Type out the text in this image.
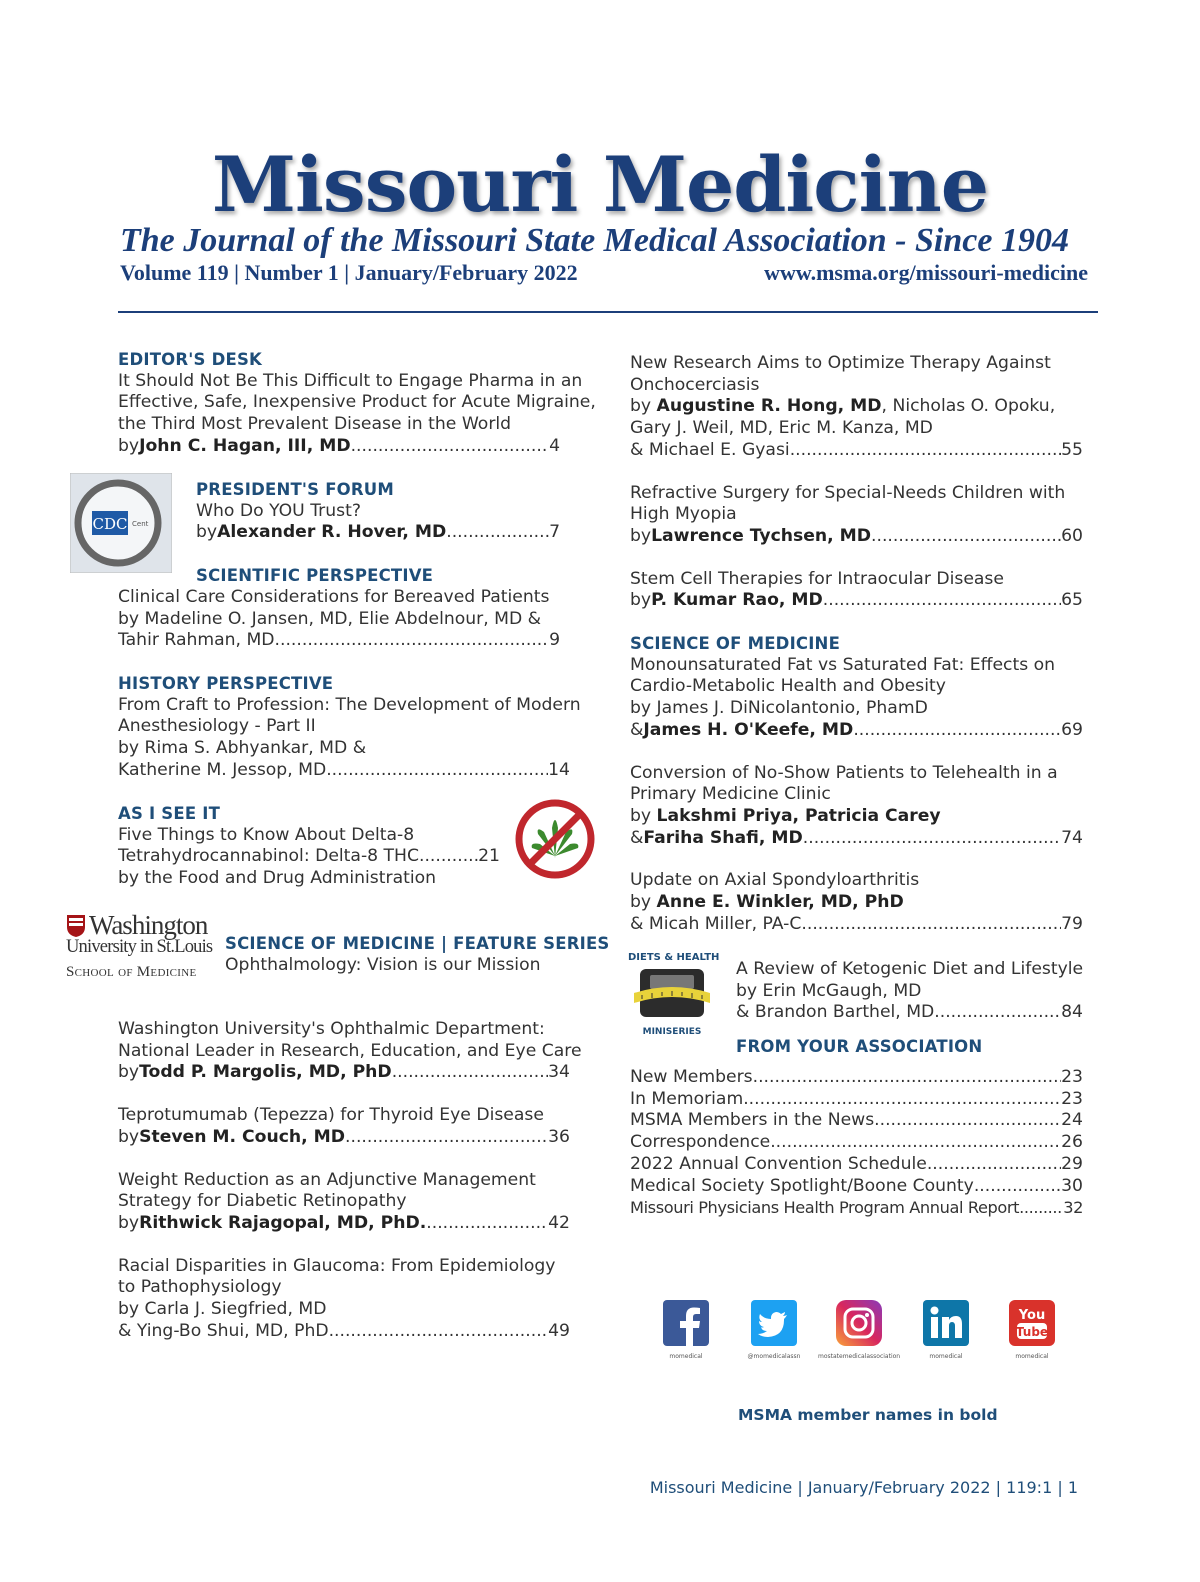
Missouri Medicine
The Journal of the Missouri State Medical Association - Since 1904
Volume 119 | Number 1 | January/February 2022	www.msma.org/missouri-medicine
EDITOR'S DESK
It Should Not Be This Difficult to Engage Pharma in an
Effective, Safe, Inexpensive Product for Acute Migraine,
the Third Most Prevalent Disease in the World
by John C. Hagan, III, MD .....	4
CDC Cent
PRESIDENT'S FORUM
Who Do YOU Trust?
by Alexander R. Hover, MD .....	7
SCIENTIFIC PERSPECTIVE
Clinical Care Considerations for Bereaved Patients
by Madeline O. Jansen, MD, Elie Abdelnour, MD &
Tahir Rahman, MD .....	9
HISTORY PERSPECTIVE
From Craft to Profession: The Development of Modern
Anesthesiology - Part II
by Rima S. Abhyankar, MD &
Katherine M. Jessop, MD .....	14
AS I SEE IT
Five Things to Know About Delta-8
Tetrahydrocannabinol: Delta-8 THC .....	21
by the Food and Drug Administration
Washington
University in St.Louis
School of Medicine
SCIENCE OF MEDICINE | FEATURE SERIES
Ophthalmology: Vision is our Mission
Washington University's Ophthalmic Department:
National Leader in Research, Education, and Eye Care
by Todd P. Margolis, MD, PhD .....	34
Teprotumumab (Tepezza) for Thyroid Eye Disease
by Steven M. Couch, MD .....	36
Weight Reduction as an Adjunctive Management
Strategy for Diabetic Retinopathy
by Rithwick Rajagopal, MD, PhD. .....	42
Racial Disparities in Glaucoma: From Epidemiology
to Pathophysiology
by Carla J. Siegfried, MD
& Ying-Bo Shui, MD, PhD .....	49
New Research Aims to Optimize Therapy Against
Onchocerciasis
by Augustine R. Hong, MD, Nicholas O. Opoku,
Gary J. Weil, MD, Eric M. Kanza, MD
& Michael E. Gyasi .....	55
Refractive Surgery for Special-Needs Children with
High Myopia
by Lawrence Tychsen, MD .....	60
Stem Cell Therapies for Intraocular Disease
by P. Kumar Rao, MD .....	65
SCIENCE OF MEDICINE
Monounsaturated Fat vs Saturated Fat: Effects on
Cardio-Metabolic Health and Obesity
by James J. DiNicolantonio, PhamD
& James H. O'Keefe, MD .....	69
Conversion of No-Show Patients to Telehealth in a
Primary Medicine Clinic
by Lakshmi Priya, Patricia Carey
& Fariha Shafi, MD .....	74
Update on Axial Spondyloarthritis
by Anne E. Winkler, MD, PhD
& Micah Miller, PA-C .....	79
DIETS & HEALTH
MINISERIES
A Review of Ketogenic Diet and Lifestyle
by Erin McGaugh, MD
& Brandon Barthel, MD .....	84
FROM YOUR ASSOCIATION
New Members .....	23
In Memoriam .....	23
MSMA Members in the News .....	24
Correspondence .....	26
2022 Annual Convention Schedule .....	29
Medical Society Spotlight/Boone County .....	30
Missouri Physicians Health Program Annual Report .....	32
momedical	@momedicalassn	mostatemedicalassociation	momedical
You
Tube
momedical
MSMA member names in bold
Missouri Medicine | January/February 2022 | 119:1 | 1
